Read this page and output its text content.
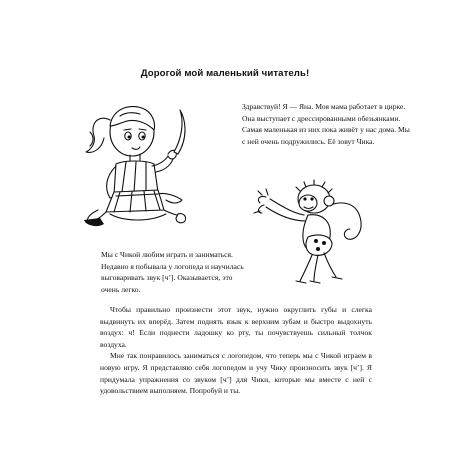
Дорогой мой маленький читатель!
Здравствуй! Я — Яна. Моя мама работает в цирке. Она выступает с дрессированными обезьянками. Самая маленькая из них пока живёт у нас дома. Мы с ней очень подружились. Её зовут Чика.
Мы с Чикой любим играть и заниматься. Недавно я побывала у логопеда и научилась выговаривать звук [ч’]. Оказывается, это очень легко.

Чтобы правильно произнести этот звук, нужно округлить губы и слегка выдвинуть их вперёд. Затем поднять язык к верхним зубам и быстро выдохнуть воздух: ч! Если поднести ладошку ко рту, ты почувствуешь сильный толчок воздуха.

Мне так понравилось заниматься с логопедом, что теперь мы с Чикой играем в новую игру. Я представляю себя логопедом и учу Чику произносить звук [ч’]. Я придумала упражнения со звуком [ч’] для Чики, которые мы вместе с ней с удовольствием выполняем. Попробуй и ты.
